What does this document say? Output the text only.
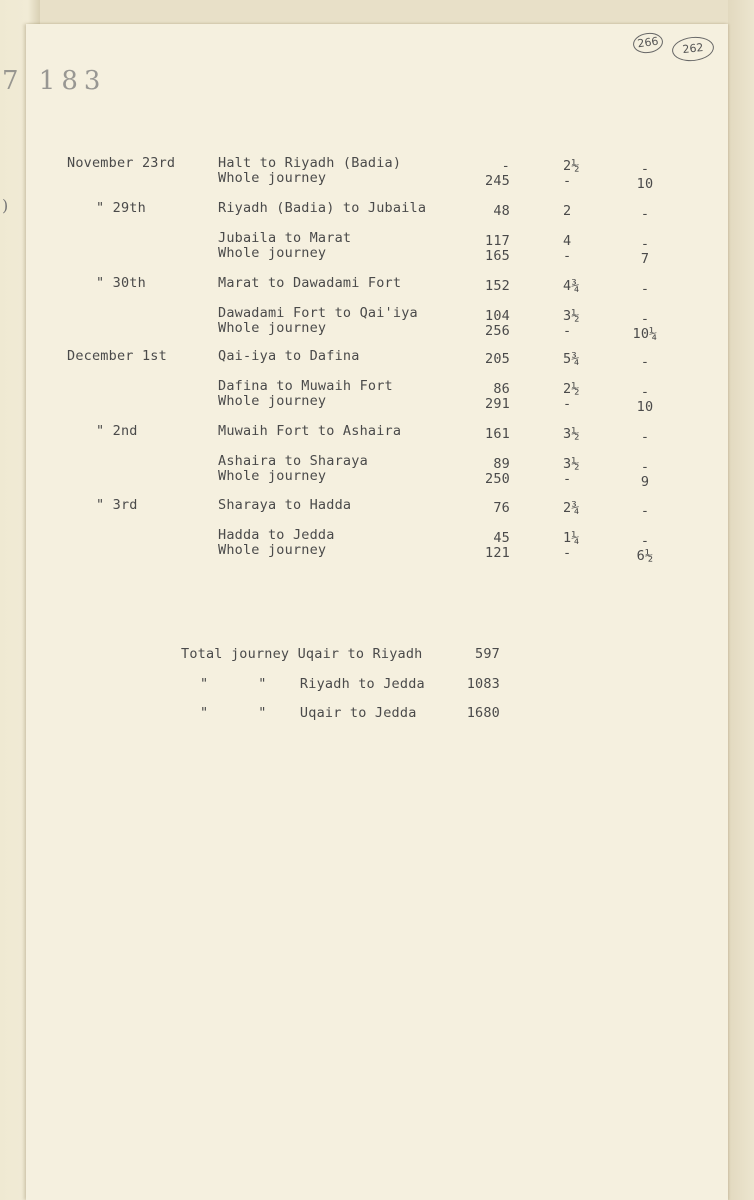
266	262
7 183
)
November 23rd	Halt to Riyadh (Badia)	-	2½	-
Whole journey	245	-	10
" 29th	Riyadh (Badia) to Jubaila	48	2	-
Jubaila to Marat	117	4	-
Whole journey	165	-	7
" 30th	Marat to Dawadami Fort	152	4¾	-
Dawadami Fort to Qai'iya	104	3½	-
Whole journey	256	-	10¼
December 1st	Qai-iya to Dafina	205	5¾	-
Dafina to Muwaih Fort	86	2½	-
Whole journey	291	-	10
" 2nd	Muwaih Fort to Ashaira	161	3½	-
Ashaira to Sharaya	89	3½	-
Whole journey	250	-	9
" 3rd	Sharaya to Hadda	76	2¾	-
Hadda to Jedda	45	1¼	-
Whole journey	121	-	6½
Total journey Uqair to Riyadh	597
"      "    Riyadh to Jedda	1083
"      "    Uqair to Jedda	1680
